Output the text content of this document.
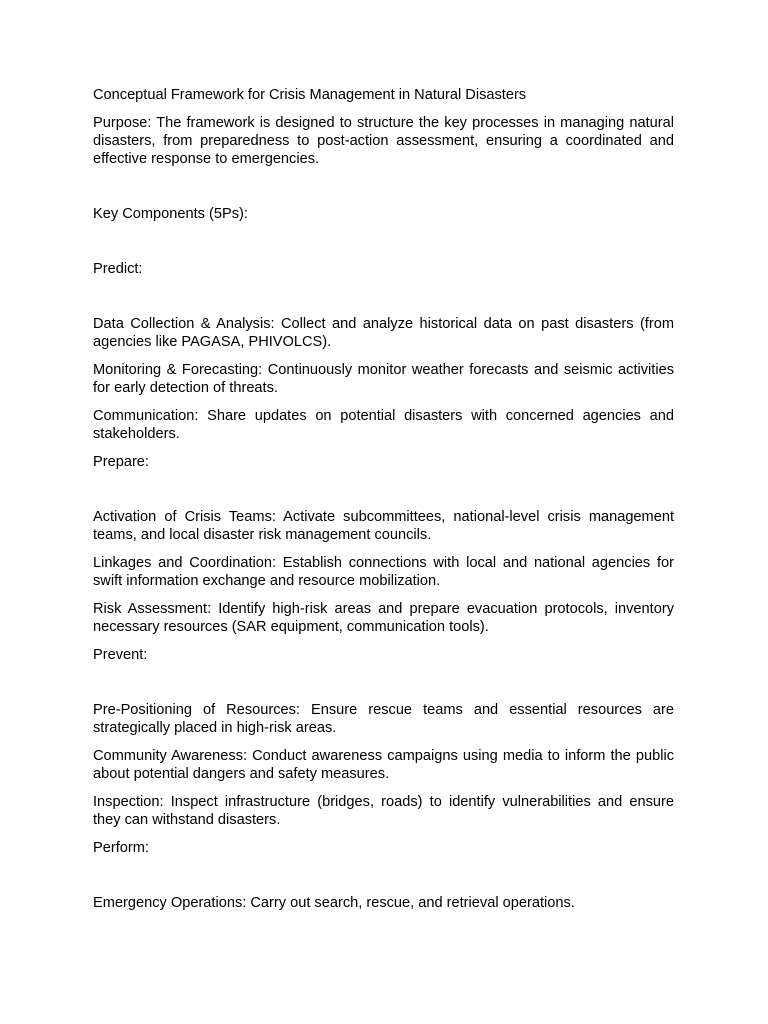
Conceptual Framework for Crisis Management in Natural Disasters

Purpose: The framework is designed to structure the key processes in managing natural disasters, from preparedness to post-action assessment, ensuring a coordinated and effective response to emergencies.

Key Components (5Ps):

Predict:

Data Collection & Analysis: Collect and analyze historical data on past disasters (from agencies like PAGASA, PHIVOLCS).

Monitoring & Forecasting: Continuously monitor weather forecasts and seismic activities for early detection of threats.

Communication: Share updates on potential disasters with concerned agencies and stakeholders.

Prepare:

Activation of Crisis Teams: Activate subcommittees, national-level crisis management teams, and local disaster risk management councils.

Linkages and Coordination: Establish connections with local and national agencies for swift information exchange and resource mobilization.

Risk Assessment: Identify high-risk areas and prepare evacuation protocols, inventory necessary resources (SAR equipment, communication tools).

Prevent:

Pre-Positioning of Resources: Ensure rescue teams and essential resources are strategically placed in high-risk areas.

Community Awareness: Conduct awareness campaigns using media to inform the public about potential dangers and safety measures.

Inspection: Inspect infrastructure (bridges, roads) to identify vulnerabilities and ensure they can withstand disasters.

Perform:

Emergency Operations: Carry out search, rescue, and retrieval operations.
